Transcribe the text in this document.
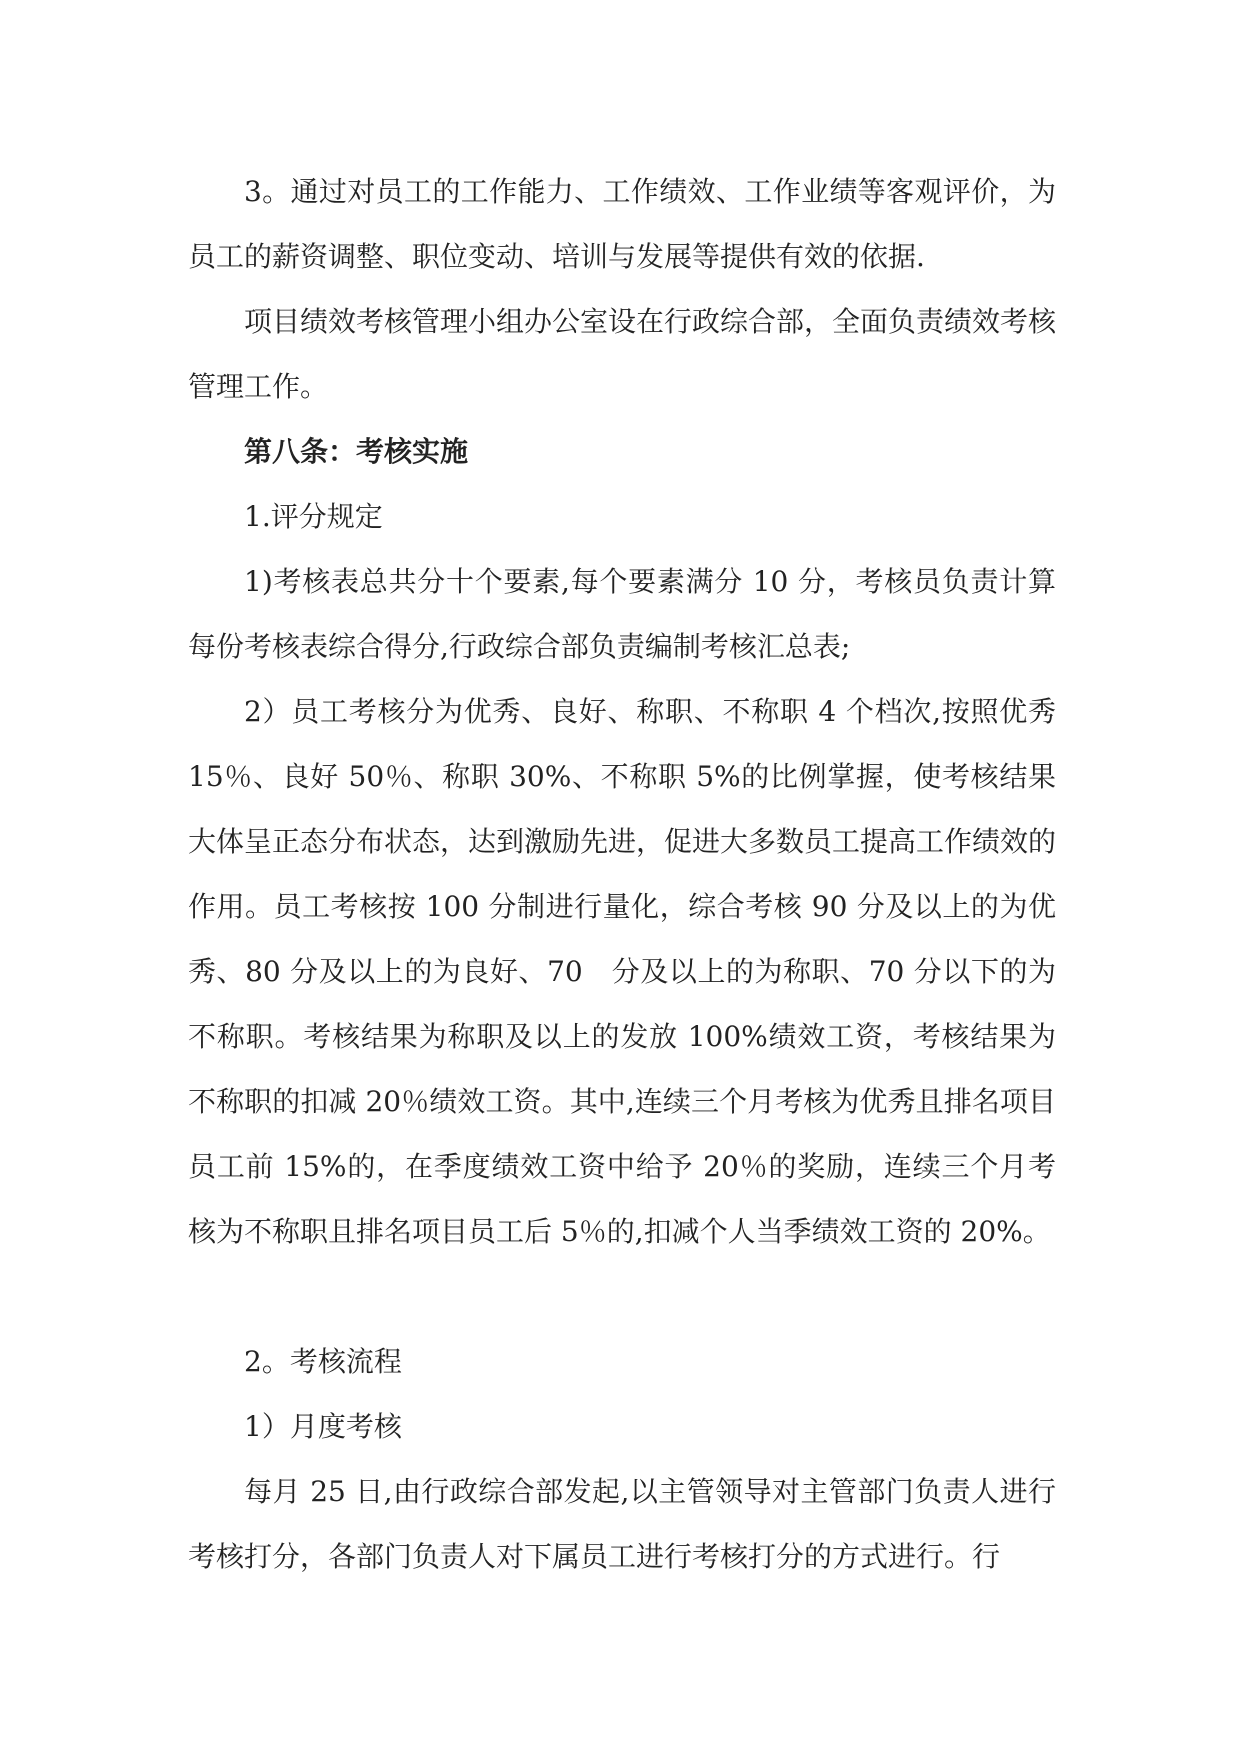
3。通过对员工的工作能力、工作绩效、工作业绩等客观评价，为员工的薪资调整、职位变动、培训与发展等提供有效的依据.

项目绩效考核管理小组办公室设在行政综合部，全面负责绩效考核管理工作。

第八条：考核实施

1.评分规定

1)考核表总共分十个要素,每个要素满分 10 分，考核员负责计算每份考核表综合得分,行政综合部负责编制考核汇总表;

2）员工考核分为优秀、良好、称职、不称职 4 个档次,按照优秀 15％、良好 50％、称职 30%、不称职 5%的比例掌握，使考核结果大体呈正态分布状态，达到激励先进，促进大多数员工提高工作绩效的作用。员工考核按 100 分制进行量化，综合考核 90 分及以上的为优秀、80 分及以上的为良好、70　分及以上的为称职、70 分以下的为不称职。考核结果为称职及以上的发放 100%绩效工资，考核结果为不称职的扣减 20％绩效工资。其中,连续三个月考核为优秀且排名项目员工前 15%的，在季度绩效工资中给予 20％的奖励，连续三个月考核为不称职且排名项目员工后 5％的,扣减个人当季绩效工资的 20%。

2。考核流程

1）月度考核

每月 25 日,由行政综合部发起,以主管领导对主管部门负责人进行考核打分，各部门负责人对下属员工进行考核打分的方式进行。行
